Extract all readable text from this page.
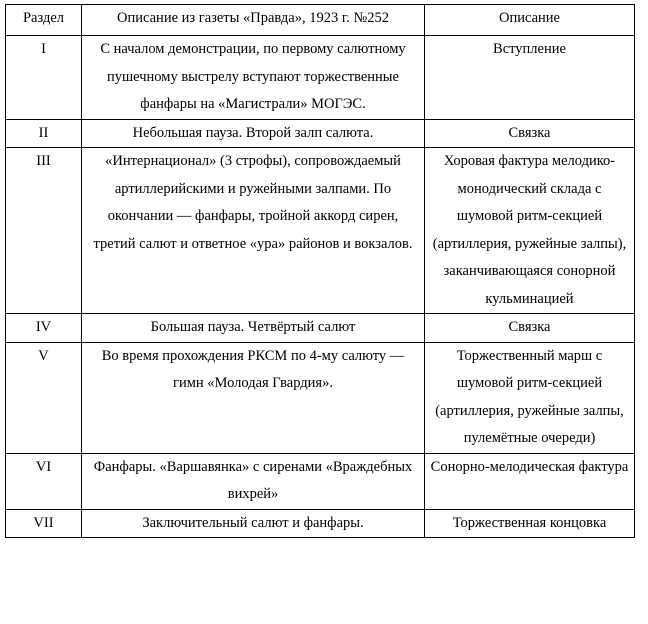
Раздел	Описание из газеты «Правда», 1923 г. №252	Описание
I	С началом демонстрации, по первому салютному пушечному выстрелу вступают торжественные фанфары на «Магистрали» МОГЭС.	Вступление
II	Небольшая пауза. Второй залп салюта.	Связка
III	«Интернационал» (3 строфы), сопровождаемый артиллерийскими и ружейными залпами. По окончании — фанфары, тройной аккорд сирен, третий салют и ответное «ура» районов и вокзалов.	Хоровая фактура мелодико-монодический склада с шумовой ритм-секцией (артиллерия, ружейные залпы), заканчивающаяся сонорной кульминацией
IV	Большая пауза. Четвёртый салют	Связка
V	Во время прохождения РКСМ по 4-му салюту — гимн «Молодая Гвардия».	Торжественный марш с шумовой ритм-секцией (артиллерия, ружейные залпы, пулемётные очереди)
VI	Фанфары. «Варшавянка» с сиренами «Враждебных вихрей»	Сонорно-мелодическая фактура
VII	Заключительный салют и фанфары.	Торжественная концовка
